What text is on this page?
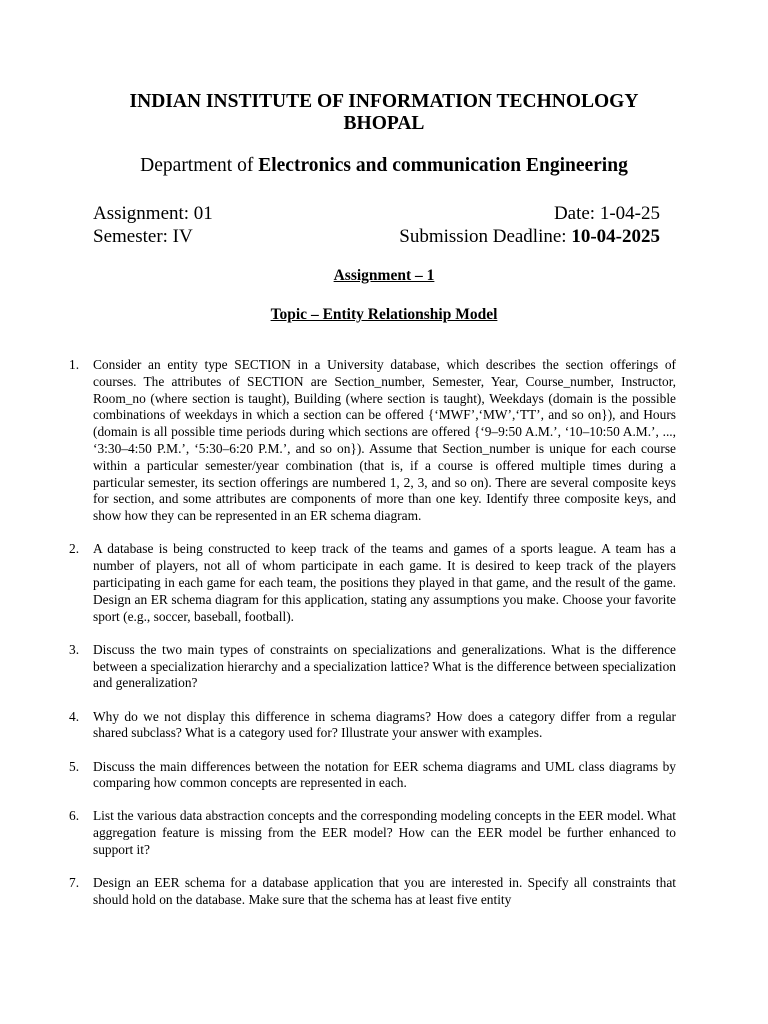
INDIAN INSTITUTE OF INFORMATION TECHNOLOGY
BHOPAL
Department of Electronics and communication Engineering
Assignment: 01	Date: 1-04-25
Semester: IV	Submission Deadline: 10-04-2025
Assignment – 1
Topic – Entity Relationship Model
1. Consider an entity type SECTION in a University database, which describes the section offerings of courses. The attributes of SECTION are Section_number, Semester, Year, Course_number, Instructor, Room_no (where section is taught), Building (where section is taught), Weekdays (domain is the possible combinations of weekdays in which a section can be offered {‘MWF’,‘MW’,‘TT’, and so on}), and Hours (domain is all possible time periods during which sections are offered {‘9–9:50 A.M.’, ‘10–10:50 A.M.’, ..., ‘3:30–4:50 P.M.’, ‘5:30–6:20 P.M.’, and so on}). Assume that Section_number is unique for each course within a particular semester/year combination (that is, if a course is offered multiple times during a particular semester, its section offerings are numbered 1, 2, 3, and so on). There are several composite keys for section, and some attributes are components of more than one key. Identify three composite keys, and show how they can be represented in an ER schema diagram.
2. A database is being constructed to keep track of the teams and games of a sports league. A team has a number of players, not all of whom participate in each game. It is desired to keep track of the players participating in each game for each team, the positions they played in that game, and the result of the game. Design an ER schema diagram for this application, stating any assumptions you make. Choose your favorite sport (e.g., soccer, baseball, football).
3. Discuss the two main types of constraints on specializations and generalizations. What is the difference between a specialization hierarchy and a specialization lattice? What is the difference between specialization and generalization?
4. Why do we not display this difference in schema diagrams? How does a category differ from a regular shared subclass? What is a category used for? Illustrate your answer with examples.
5. Discuss the main differences between the notation for EER schema diagrams and UML class diagrams by comparing how common concepts are represented in each.
6. List the various data abstraction concepts and the corresponding modeling concepts in the EER model. What aggregation feature is missing from the EER model? How can the EER model be further enhanced to support it?
7. Design an EER schema for a database application that you are interested in. Specify all constraints that should hold on the database. Make sure that the schema has at least five entity
